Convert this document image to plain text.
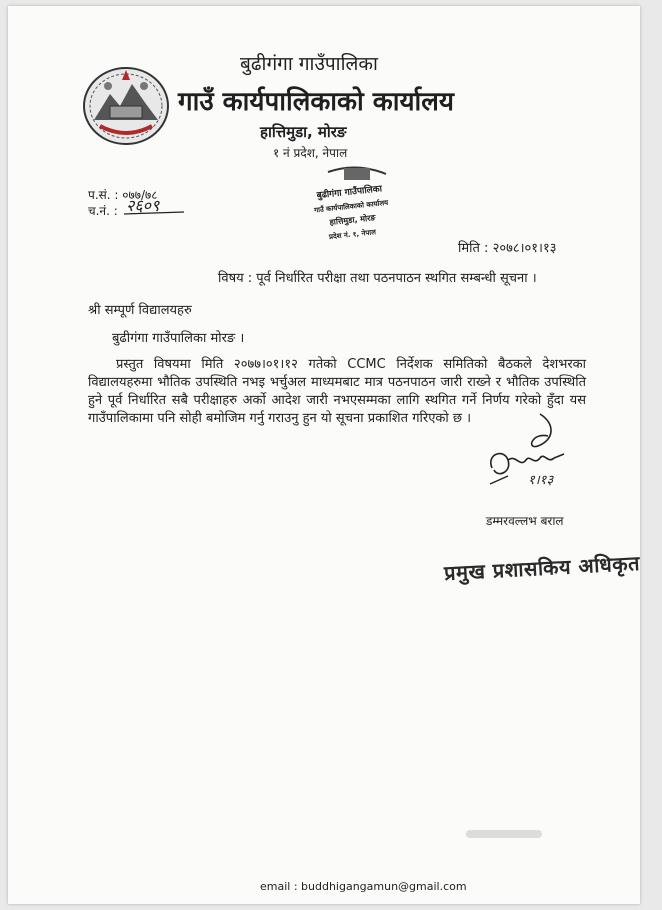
बुढीगंगा गाउँपालिका
गाउँ कार्यपालिकाको कार्यालय
हात्तिमुडा, मोरङ
१ नं प्रदेश, नेपाल
प.सं. : ०७७/७८
च.नं. : २६०९
बुढीगंगा गाउँपालिका
गाउँ कार्यपालिकाको कार्यालय
हात्तिमुडा, मोरङ
प्रदेश नं. १, नेपाल
मिति : २०७८।०१।१३
विषय : पूर्व निर्धारित परीक्षा तथा पठनपाठन स्थगित सम्बन्धी सूचना ।
श्री सम्पूर्ण विद्यालयहरु
बुढीगंगा गाउँपालिका मोरङ ।
प्रस्तुत विषयमा मिति २०७७।०१।१२ गतेको CCMC निर्देशक समितिको बैठकले देशभरका विद्यालयहरुमा भौतिक उपस्थिति नभइ भर्चुअल माध्यमबाट मात्र पठनपाठन जारी राख्ने र भौतिक उपस्थिति हुने पूर्व निर्धारित सबै परीक्षाहरु अर्को आदेश जारी नभएसम्मका लागि स्थगित गर्ने निर्णय गरेको हुँदा यस गाउँपालिकामा पनि सोही बमोजिम गर्नु गराउनु हुन यो सूचना प्रकाशित गरिएको छ ।
१।१३
डम्मरवल्लभ बराल
प्रमुख प्रशासकिय अधिकृत
email : buddhigangamun@gmail.com
